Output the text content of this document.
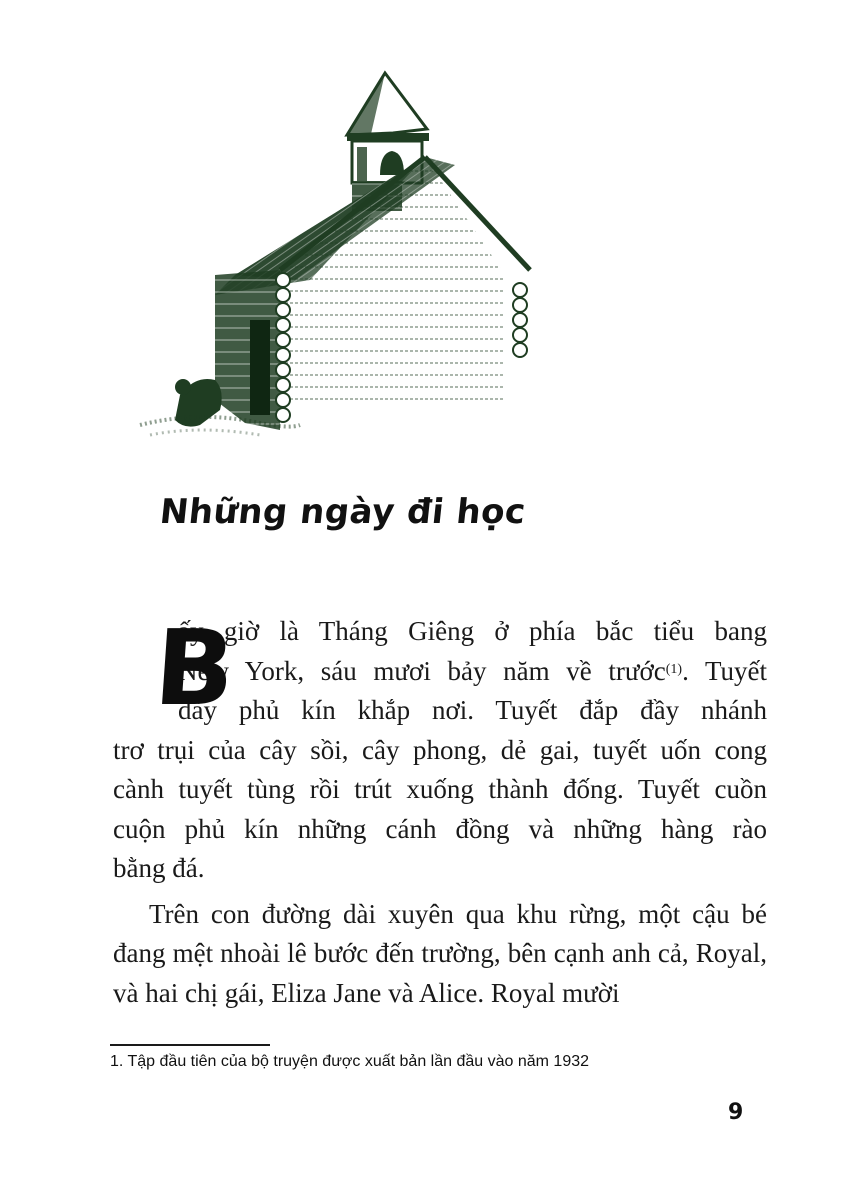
Những ngày đi học
B
ấy giờ là Tháng Giêng ở phía bắc tiểu bang
New York, sáu mươi bảy năm về trước$^{(1)}$. Tuyết
dày phủ kín khắp nơi. Tuyết đắp đầy nhánh
trơ trụi của cây sồi, cây phong, dẻ gai, tuyết uốn cong
cành tuyết tùng rồi trút xuống thành đống. Tuyết cuồn
cuộn phủ kín những cánh đồng và những hàng rào
bằng đá.

Trên con đường dài xuyên qua khu rừng, một cậu bé đang mệt nhoài lê bước đến trường, bên cạnh anh cả, Royal, và hai chị gái, Eliza Jane và Alice. Royal mười

1. Tập đầu tiên của bộ truyện được xuất bản lần đầu vào năm 1932
9
